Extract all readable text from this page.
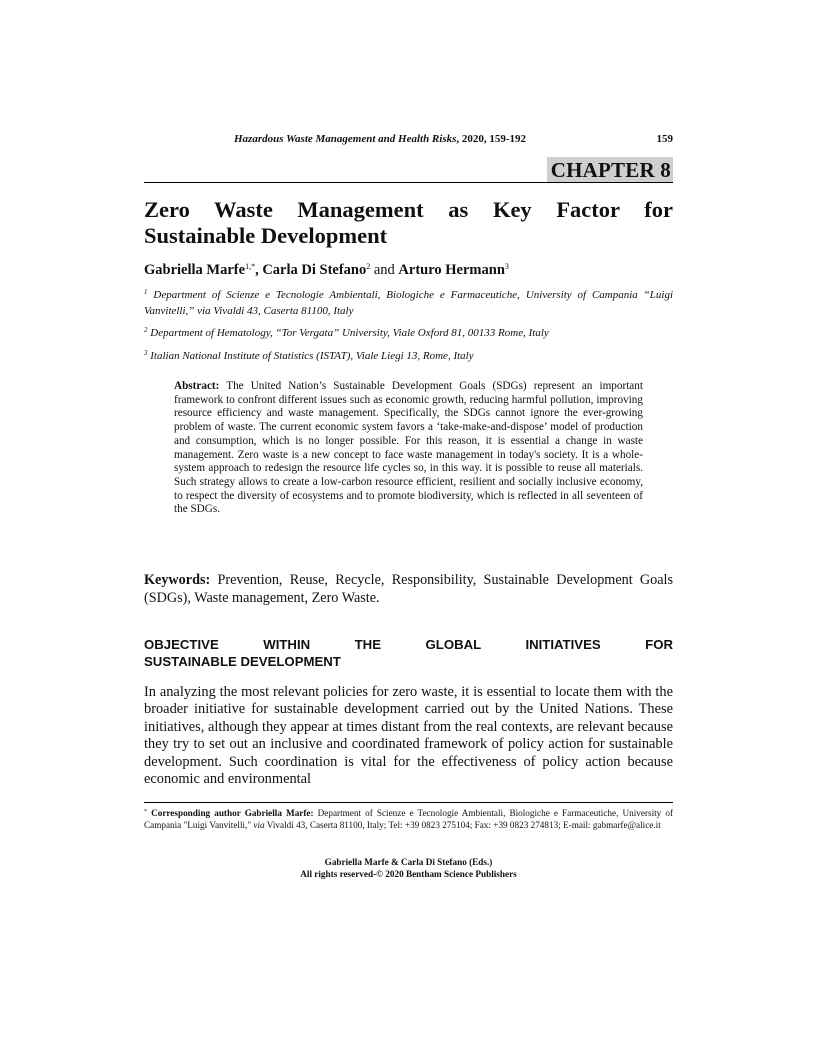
Hazardous Waste Management and Health Risks, 2020, 159-192	159
CHAPTER 8
Zero Waste Management as Key Factor for
Sustainable Development
Gabriella Marfe$^{1,*}$, Carla Di Stefano$^2$ and Arturo Hermann$^3$

$^1$ Department of Scienze e Tecnologie Ambientali, Biologiche e Farmaceutiche, University of Campania “Luigi Vanvitelli,” via Vivaldi 43, Caserta 81100, Italy

$^2$ Department of Hematology, “Tor Vergata” University, Viale Oxford 81, 00133 Rome, Italy

$^3$ Italian National Institute of Statistics (ISTAT), Viale Liegi 13, Rome, Italy

Abstract: The United Nation’s Sustainable Development Goals (SDGs) represent an important framework to confront different issues such as economic growth, reducing harmful pollution, improving resource efficiency and waste management. Specifically, the SDGs cannot ignore the ever-growing problem of waste. The current economic system favors a ‘take-make-and-dispose’ model of production and consumption, which is no longer possible. For this reason, it is essential a change in waste management. Zero waste is a new concept to face waste management in today's society. It is a whole-system approach to redesign the resource life cycles so, in this way. it is possible to reuse all materials. Such strategy allows to create a low-carbon resource efficient, resilient and socially inclusive economy, to respect the diversity of ecosystems and to promote biodiversity, which is reflected in all seventeen of the SDGs.
Keywords: Prevention, Reuse, Recycle, Responsibility, Sustainable Development Goals (SDGs), Waste management, Zero Waste.
OBJECTIVE WITHIN THE GLOBAL INITIATIVES FOR
SUSTAINABLE DEVELOPMENT
In analyzing the most relevant policies for zero waste, it is essential to locate them with the broader initiative for sustainable development carried out by the United Nations. These initiatives, although they appear at times distant from the real contexts, are relevant because they try to set out an inclusive and coordinated framework of policy action for sustainable development. Such coordination is vital for the effectiveness of policy action because economic and environmental
* Corresponding author Gabriella Marfe: Department of Scienze e Tecnologie Ambientali, Biologiche e Farmaceutiche, University of Campania "Luigi Vanvitelli," via Vivaldi 43, Caserta 81100, Italy; Tel: +39 0823 275104; Fax: +39 0823 274813; E-mail: gabmarfe@alice.it
Gabriella Marfe & Carla Di Stefano (Eds.)
All rights reserved-© 2020 Bentham Science Publishers
